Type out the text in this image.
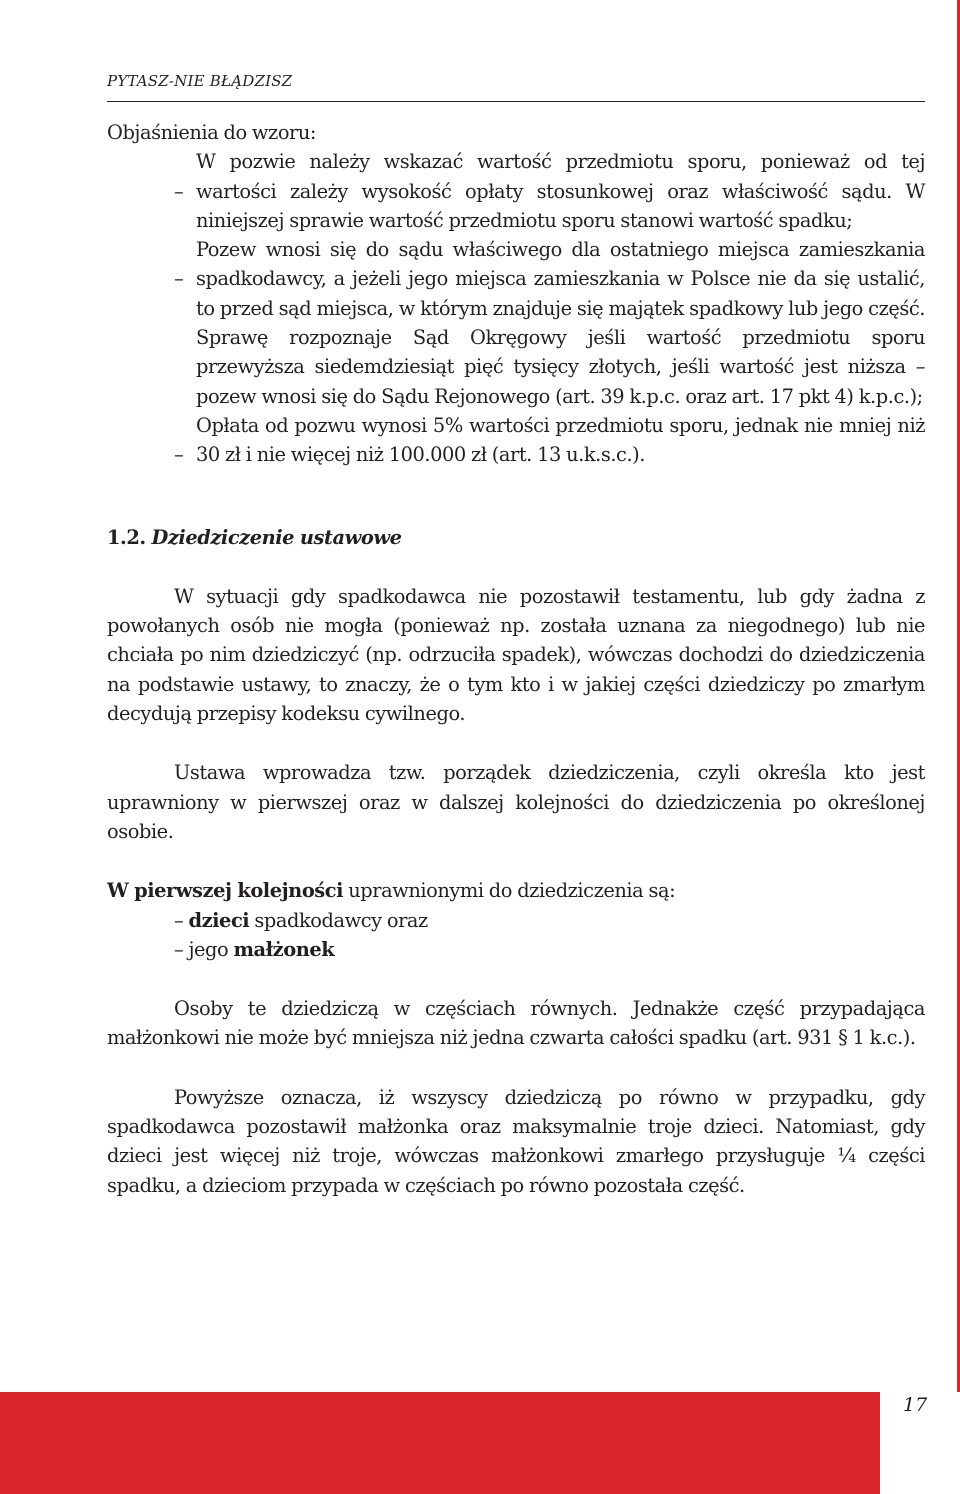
PYTASZ-NIE BŁĄDZISZ

Objaśnienia do wzoru:

–
W pozwie należy wskazać wartość przedmiotu sporu, ponieważ od tej wartości zależy wysokość opłaty stosunkowej oraz właściwość sądu. W niniejszej sprawie wartość przedmiotu sporu stanowi wartość spadku;
–
Pozew wnosi się do sądu właściwego dla ostatniego miejsca zamieszkania spadkodawcy, a jeżeli jego miejsca zamieszkania w Polsce nie da się ustalić, to przed sąd miejsca, w którym znajduje się majątek spadkowy lub jego część. Sprawę rozpoznaje Sąd Okręgowy jeśli wartość przedmiotu sporu przewyższa siedemdziesiąt pięć tysięcy złotych, jeśli wartość jest niższa – pozew wnosi się do Sądu Rejonowego (art. 39 k.p.c. oraz art. 17 pkt 4) k.p.c.);
–
Opłata od pozwu wynosi 5% wartości przedmiotu sporu, jednak nie mniej niż 30 zł i nie więcej niż 100.000 zł (art. 13 u.k.s.c.).

1.2. Dziedziczenie ustawowe

W sytuacji gdy spadkodawca nie pozostawił testamentu, lub gdy żadna z powołanych osób nie mogła (ponieważ np. została uznana za niegodnego) lub nie chciała po nim dziedziczyć (np. odrzuciła spadek), wówczas dochodzi do dziedziczenia na podstawie ustawy, to znaczy, że o tym kto i w jakiej części dziedziczy po zmarłym decydują przepisy kodeksu cywilnego.

Ustawa wprowadza tzw. porządek dziedziczenia, czyli określa kto jest uprawniony w pierwszej oraz w dalszej kolejności do dziedziczenia po określonej osobie.

W pierwszej kolejności uprawnionymi do dziedziczenia są:

– dzieci spadkodawcy oraz
– jego małżonek

Osoby te dziedziczą w częściach równych. Jednakże część przypadająca małżonkowi nie może być mniejsza niż jedna czwarta całości spadku (art. 931 § 1 k.c.).

Powyższe oznacza, iż wszyscy dziedziczą po równo w przypadku, gdy spadkodawca pozostawił małżonka oraz maksymalnie troje dzieci. Natomiast, gdy dzieci jest więcej niż troje, wówczas małżonkowi zmarłego przysługuje ¼ części spadku, a dzieciom przypada w częściach po równo pozostała część.

17
